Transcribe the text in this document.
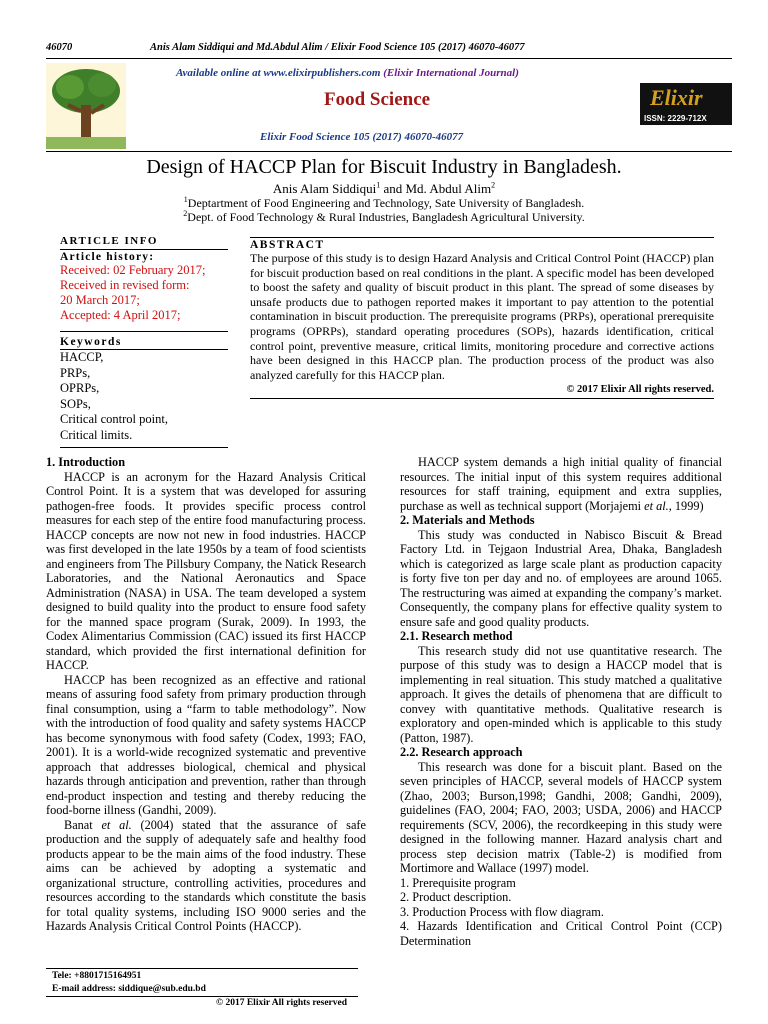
46070	Anis Alam Siddiqui and Md.Abdul Alim / Elixir Food Science 105 (2017) 46070-46077
Available online at www.elixirpublishers.com (Elixir International Journal)
Food Science
Elixir Food Science 105 (2017) 46070-46077
Elixir
ISSN: 2229-712X
Design of HACCP Plan for Biscuit Industry in Bangladesh.
Anis Alam Siddiqui$^1$ and Md. Abdul Alim$^2$
$^1$Deptartment of Food Engineering and Technology, Sate University of Bangladesh.
$^2$Dept. of Food Technology & Rural Industries, Bangladesh Agricultural University.
ARTICLE INFO
Article history:
Received: 02 February 2017;
Received in revised form:
20 March 2017;
Accepted: 4 April 2017;
Keywords
HACCP,
PRPs,
OPRPs,
SOPs,
Critical control point,
Critical limits.
ABSTRACT
The purpose of this study is to design Hazard Analysis and Critical Control Point (HACCP) plan for biscuit production based on real conditions in the plant. A specific model has been developed to boost the safety and quality of biscuit product in this plant. The spread of some diseases by unsafe products due to pathogen reported makes it important to pay attention to the potential contamination in biscuit production. The prerequisite programs (PRPs), operational prerequisite programs (OPRPs), standard operating procedures (SOPs), hazards identification, critical control point, preventive measure, critical limits, monitoring procedure and corrective actions have been designed in this HACCP plan. The production process of the product was also analyzed carefully for this HACCP plan.
© 2017 Elixir All rights reserved.

1. Introduction

HACCP is an acronym for the Hazard Analysis Critical Control Point. It is a system that was developed for assuring pathogen-free foods. It provides specific process control measures for each step of the entire food manufacturing process. HACCP concepts are now not new in food industries. HACCP was first developed in the late 1950s by a team of food scientists and engineers from The Pillsbury Company, the Natick Research Laboratories, and the National Aeronautics and Space Administration (NASA) in USA. The team developed a system designed to build quality into the product to ensure food safety for the manned space program (Surak, 2009). In 1993, the Codex Alimentarius Commission (CAC) issued its first HACCP standard, which provided the first international definition for HACCP.

HACCP has been recognized as an effective and rational means of assuring food safety from primary production through final consumption, using a “farm to table methodology”. Now with the introduction of food quality and safety systems HACCP has become synonymous with food safety (Codex, 1993; FAO, 2001). It is a world-wide recognized systematic and preventive approach that addresses biological, chemical and physical hazards through anticipation and prevention, rather than through end-product inspection and testing and thereby reducing the food-borne illness (Gandhi, 2009).

Banat et al. (2004) stated that the assurance of safe production and the supply of adequately safe and healthy food products appear to be the main aims of the food industry. These aims can be achieved by adopting a systematic and organizational structure, controlling activities, procedures and resources according to the standards which constitute the basis for total quality systems, including ISO 9000 series and the Hazards Analysis Critical Control Points (HACCP).

HACCP system demands a high initial quality of financial resources. The initial input of this system requires additional resources for staff training, equipment and extra supplies, purchase as well as technical support (Morjajemi et al., 1999)

2. Materials and Methods

This study was conducted in Nabisco Biscuit & Bread Factory Ltd. in Tejgaon Industrial Area, Dhaka, Bangladesh which is categorized as large scale plant as production capacity is forty five ton per day and no. of employees are around 1065. The restructuring was aimed at expanding the company’s market. Consequently, the company plans for effective quality system to ensure safe and good quality products.

2.1. Research method

This research study did not use quantitative research. The purpose of this study was to design a HACCP model that is implementing in real situation. This study matched a qualitative approach. It gives the details of phenomena that are difficult to convey with quantitative methods. Qualitative research is exploratory and open-minded which is applicable to this study (Patton, 1987).

2.2. Research approach

This research was done for a biscuit plant. Based on the seven principles of HACCP, several models of HACCP system (Zhao, 2003; Burson,1998; Gandhi, 2008; Gandhi, 2009), guidelines (FAO, 2004; FAO, 2003; USDA, 2006) and HACCP requirements (SCV, 2006), the recordkeeping in this study were designed in the following manner. Hazard analysis chart and process step decision matrix (Table-2) is modified from Mortimore and Wallace (1997) model.

1. Prerequisite program

2. Product description.

3. Production Process with flow diagram.

4. Hazards Identification and Critical Control Point (CCP) Determination

Tele: +8801715164951
E-mail address: siddique@sub.edu.bd
© 2017 Elixir All rights reserved
